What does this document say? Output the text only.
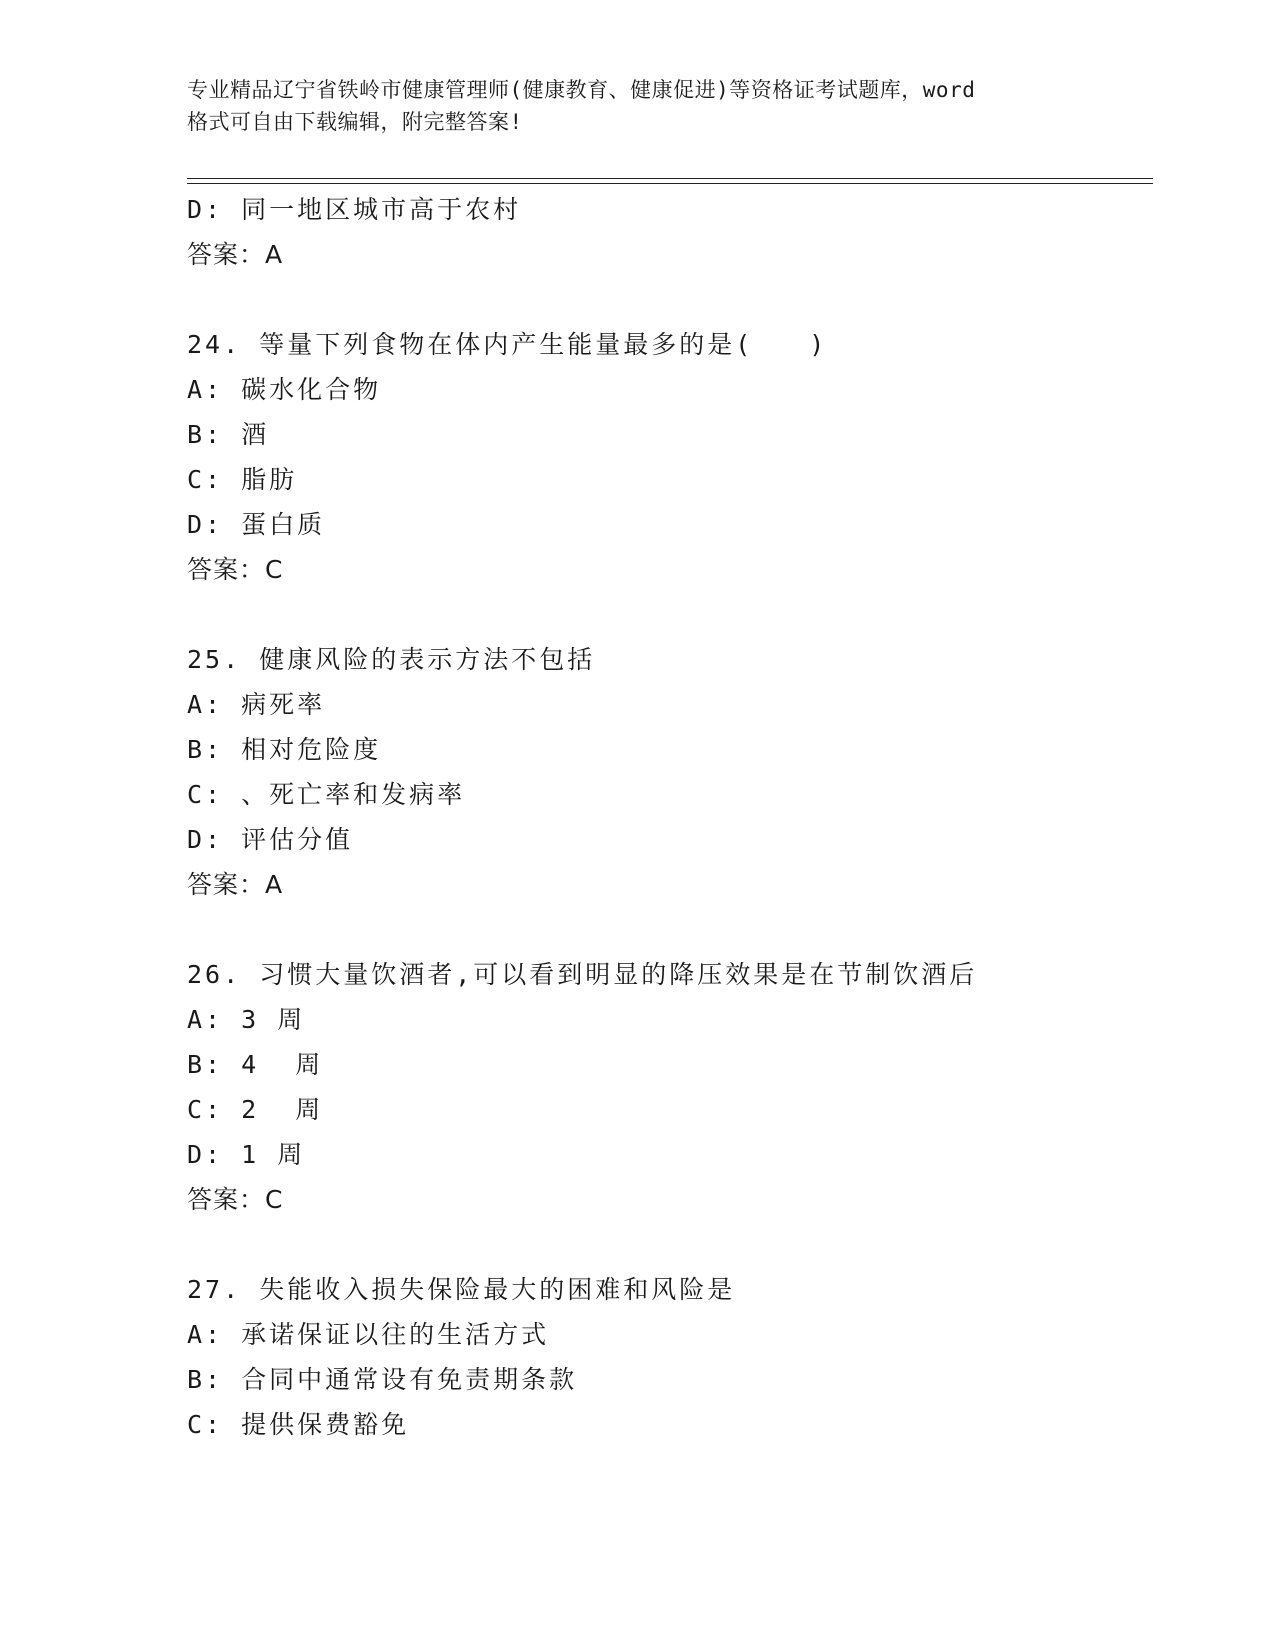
专业精品辽宁省铁岭市健康管理师(健康教育、健康促进)等资格证考试题库，word
格式可自由下载编辑，附完整答案!
D: 同一地区城市高于农村
答案：A
24. 等量下列食物在体内产生能量最多的是(　　)
A: 碳水化合物
B: 酒
C: 脂肪
D: 蛋白质
答案：C
25. 健康风险的表示方法不包括
A: 病死率
B: 相对危险度
C: 、死亡率和发病率
D: 评估分值
答案：A
26. 习惯大量饮酒者,可以看到明显的降压效果是在节制饮酒后
A: 3 周
B: 4  周
C: 2  周
D: 1 周
答案：C
27. 失能收入损失保险最大的困难和风险是
A: 承诺保证以往的生活方式
B: 合同中通常设有免责期条款
C: 提供保费豁免
